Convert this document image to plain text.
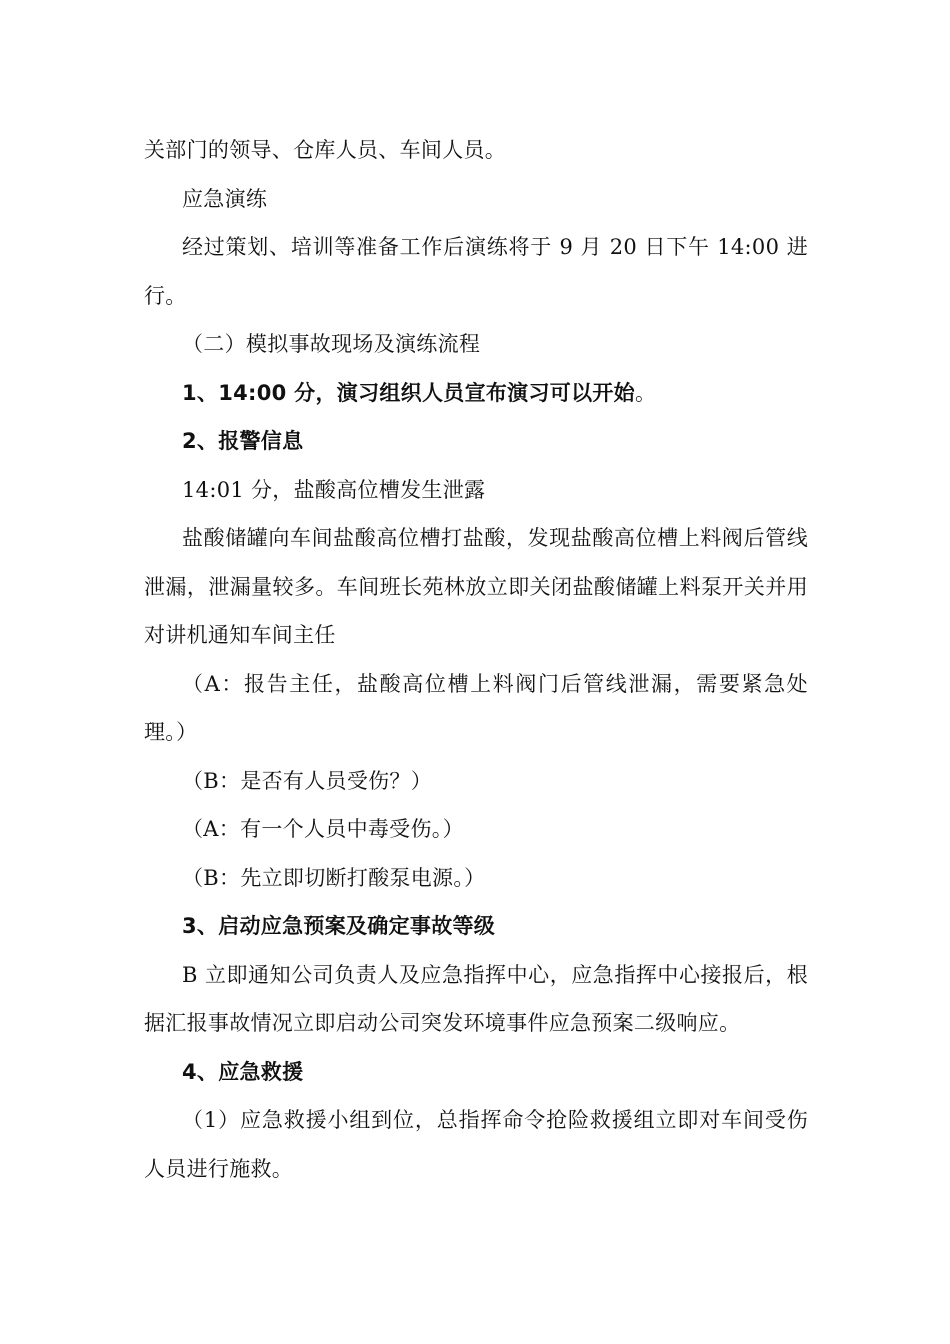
关部门的领导、仓库人员、车间人员。

应急演练

经过策划、培训等准备工作后演练将于 9 月 20 日下午 14:00 进行。

（二）模拟事故现场及演练流程

1、14:00 分，演习组织人员宣布演习可以开始。

2、报警信息

14:01 分，盐酸高位槽发生泄露

盐酸储罐向车间盐酸高位槽打盐酸，发现盐酸高位槽上料阀后管线泄漏，泄漏量较多。车间班长苑林放立即关闭盐酸储罐上料泵开关并用对讲机通知车间主任

（A：报告主任，盐酸高位槽上料阀门后管线泄漏，需要紧急处理。）

（B：是否有人员受伤？）

（A：有一个人员中毒受伤。）

（B：先立即切断打酸泵电源。）

3、启动应急预案及确定事故等级

B 立即通知公司负责人及应急指挥中心，应急指挥中心接报后，根据汇报事故情况立即启动公司突发环境事件应急预案二级响应。

4、应急救援

（1）应急救援小组到位，总指挥命令抢险救援组立即对车间受伤人员进行施救。
